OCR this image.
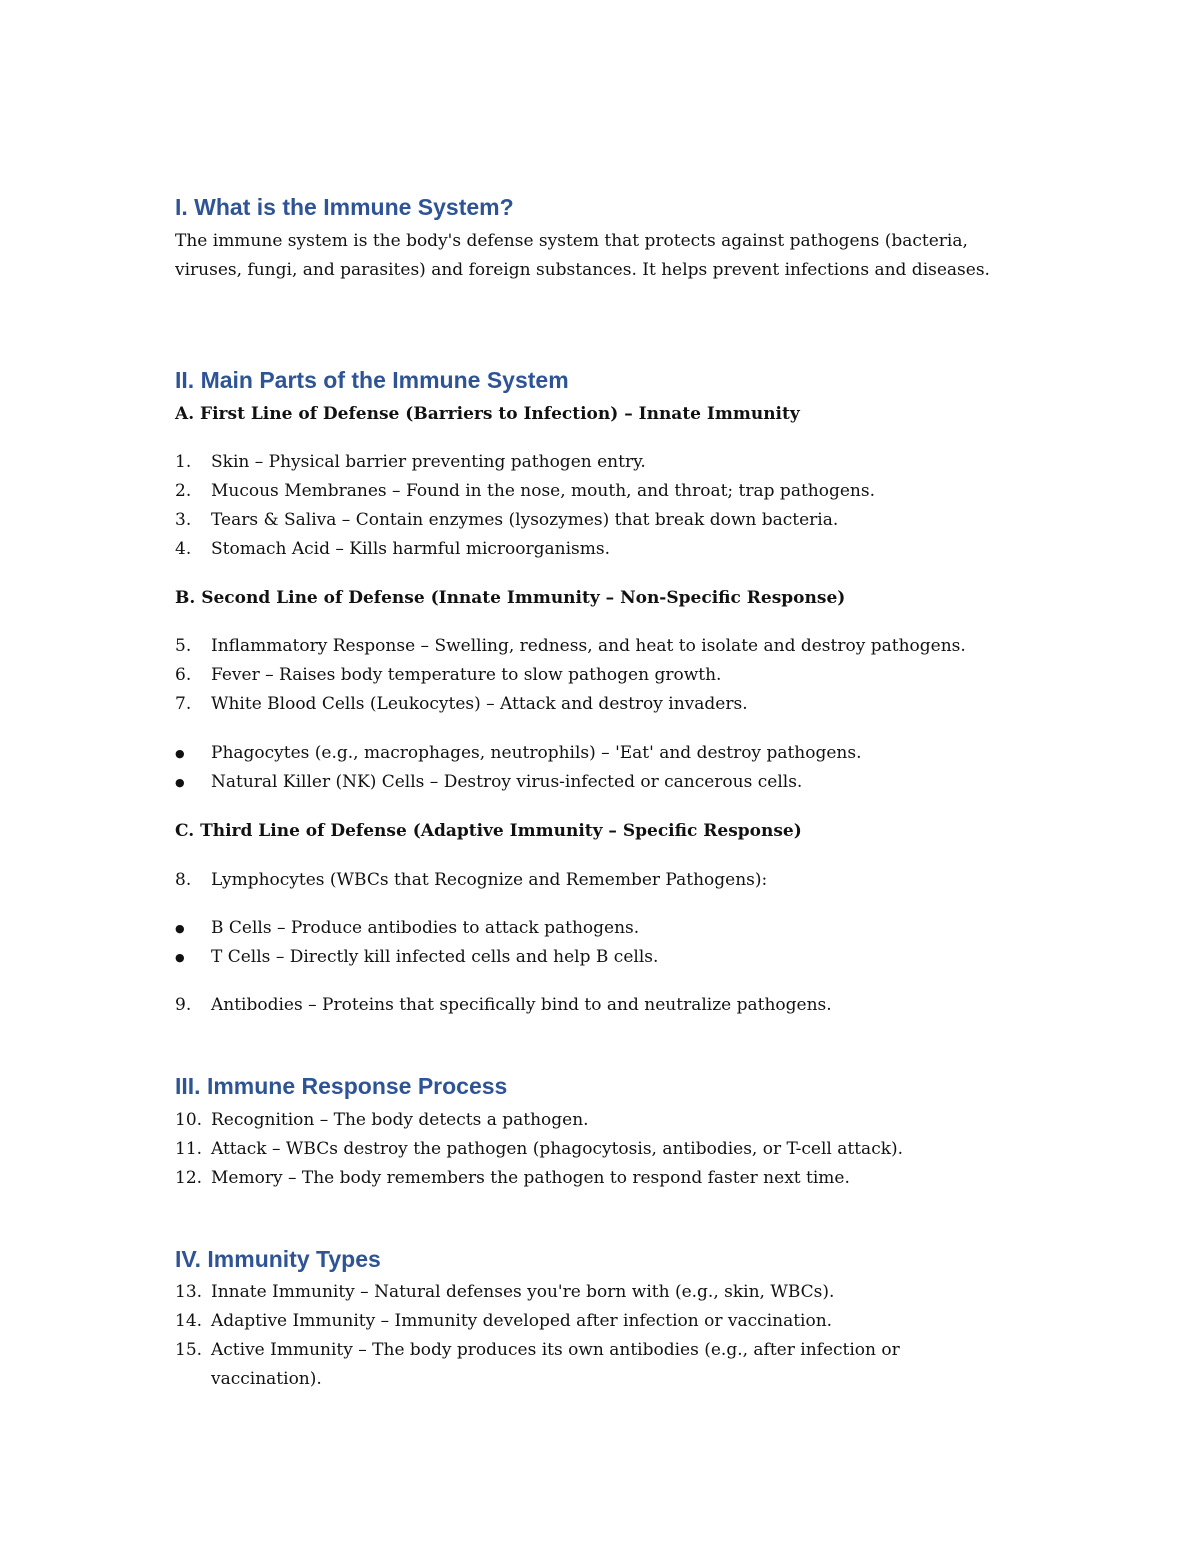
I. What is the Immune System?

The immune system is the body's defense system that protects against pathogens (bacteria, viruses, fungi, and parasites) and foreign substances. It helps prevent infections and diseases.

II. Main Parts of the Immune System
A. First Line of Defense (Barriers to Infection) – Innate Immunity
1.	Skin – Physical barrier preventing pathogen entry.
2.	Mucous Membranes – Found in the nose, mouth, and throat; trap pathogens.
3.	Tears & Saliva – Contain enzymes (lysozymes) that break down bacteria.
4.	Stomach Acid – Kills harmful microorganisms.
B. Second Line of Defense (Innate Immunity – Non-Specific Response)
5.	Inflammatory Response – Swelling, redness, and heat to isolate and destroy pathogens.
6.	Fever – Raises body temperature to slow pathogen growth.
7.	White Blood Cells (Leukocytes) – Attack and destroy invaders.
● Phagocytes (e.g., macrophages, neutrophils) – 'Eat' and destroy pathogens.
● Natural Killer (NK) Cells – Destroy virus-infected or cancerous cells.
C. Third Line of Defense (Adaptive Immunity – Specific Response)
8.	Lymphocytes (WBCs that Recognize and Remember Pathogens):
● B Cells – Produce antibodies to attack pathogens.
● T Cells – Directly kill infected cells and help B cells.
9.	Antibodies – Proteins that specifically bind to and neutralize pathogens.
III. Immune Response Process
10. Recognition – The body detects a pathogen.
11. Attack – WBCs destroy the pathogen (phagocytosis, antibodies, or T-cell attack).
12. Memory – The body remembers the pathogen to respond faster next time.
IV. Immunity Types
13. Innate Immunity – Natural defenses you're born with (e.g., skin, WBCs).
14. Adaptive Immunity – Immunity developed after infection or vaccination.
15. Active Immunity – The body produces its own antibodies (e.g., after infection or vaccination).
